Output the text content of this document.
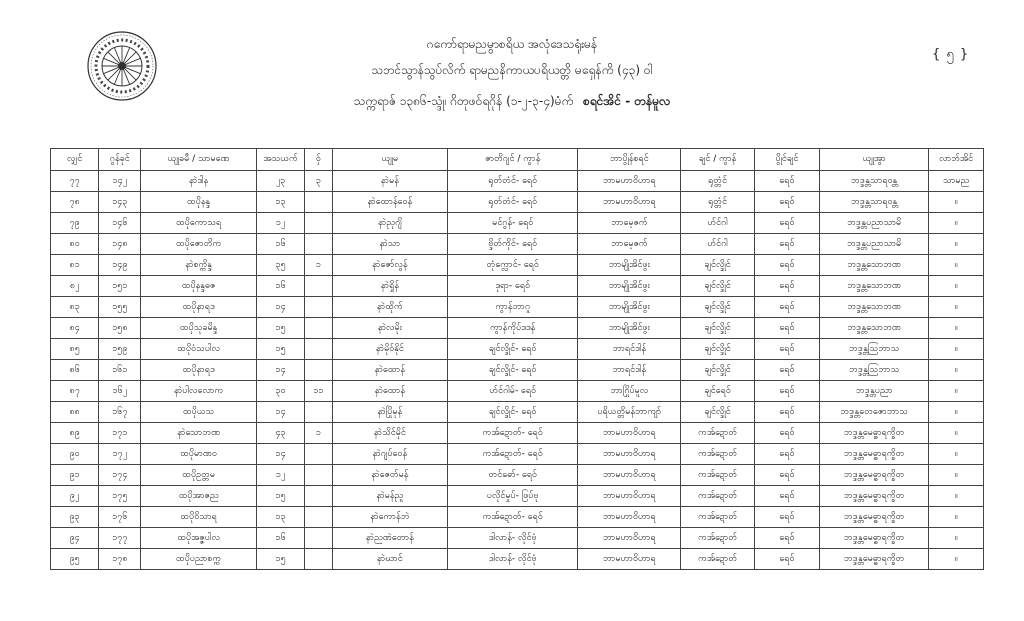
ဂကော်ရာမညမွာစရိယ အလုံဒေသရုံးမန်
သဘင်သွာန်သွပ်လိက် ရာမညနိကာယပရိယတ္တိ မရှေန်ကိ (၄၃) ဝါ
သက္ကရာဇ် ၁၃၈၆-သ္ဒုံ၊ ဂိတုဖဝ်ရဂိုန် (၁-၂-၃-၄)မံက် စရင်အိင် - တန်မူလ
{ ၅ }
လျှင်	ဂွန်ခုင်	ယျုခမီ / သာမဏေ	အသယက်	ဝှ်	ယျုမ	ဇာတိဂျင် / ကွာန်	ဘာပွိုန်စရင်	ချင် / ကွာန်	ပွိုင်ချင်	ယျုအွာ	လာဘ်အိင်
၇၇	၁၄၂	နာဲဒါန	၂၃	၃	နာဲမန်	ရုတ်တံင်- ရေဝ်	ဘာမဟာဝိဟာရ	ရုတ္တံင်	ရေဝ်	ဘဒ္ဒန္တသာရဝန္တ	သာမည
၇၈	၁၄၃	ထပိုနန္ဒ	၁၃		နာဲထောန်ဝေန်	ရုတ်တံင်- ရေဝ်	ဘာမဟာဝိဟာရ	ရုတ္တံင်	ရေဝ်	ဘဒ္ဒန္တသာရဝန္တ	။
၇၉	၁၄၆	ထပိုကောသရ	၁၂		နာဲညုဂျိ	မင်ဂွန်- ရေဝ်	ဘာမေ့ဇက်	ဟ်င်ဂါ	ရေဝ်	ဘဒ္ဒန္တပညာသာမိ	။
၈၀	၁၄၈	ထပိုဇောတိက	၁၆		နာဲသာ	ဗ္ဒိတ်ကိုင်- ရေဝ်	ဘာမေ့ဇက်	ဟ်င်ဂါ	ရေဝ်	ဘဒ္ဒန္တပညာသာမိ	။
၈၁	၁၄၉	နာဲစက္ကိန္ဒ	၃၅	၁	နာဲဇော်လွန်	တုံက္လောင်- ရေဝ်	ဘာမျိုအိင်ဖွး	ချင်လ္ဒိုင်	ရေဝ်	ဘဒ္ဒန္တသောဘဏ	။
၈၂	၁၅၁	ထပိုနန္ဒဓဇ	၁၆		နာဲရှိုန်	ဒုရာ- ရေဝ်	ဘာမျိုအိင်ဖွး	ချင်လ္ဒိုင်	ရေဝ်	ဘဒ္ဒန္တသောဘဏ	။
၈၃	၁၅၅	ထပိုနာရဒ	၁၄		နာဲထိုက်	ကွာန်ဘာဂူ	ဘာမျိုအိင်ဖွး	ချင်လ္ဒိုင်	ရေဝ်	ဘဒ္ဒန္တသောဘဏ	။
၈၄	၁၅၈	ထပိုသုခမိန္ဒ	၁၅		နာဲလမိုး	ကွာန်ကိုပ်ဒဒန်	ဘာမျိုအိင်ဖွး	ချင်လ္ဒိုင်	ရေဝ်	ဘဒ္ဒန္တသောဘဏ	။
၈၅	၁၅၉	ထပိုဝံသပါလ	၁၅		နာဲမိုဝ်နိုင်	ချင်လ္ဒိုင်- ရေဝ်	ဘာရင်ဒါန်	ချင်လ္ဒိုင်	ရေဝ်	ဘဒ္ဒန္တသြဘာသ	။
၈၆	၁၆၁	ထပိုနာရဒ	၁၄		နာဲထောန်	ချင်လ္ဒိုင်- ရေဝ်	ဘာရင်ဒါန်	ချင်လ္ဒိုင်	ရေဝ်	ဘဒ္ဒန္တသြဘာသ	။
၈၇	၁၆၂	နာဲပါလလောက	၃၀	၁၁	နာဲထောန်	ဟ်င်ဂါမ်- ရေဝ်	ဘာဂြိုပ်မူလ	ချင်ရေဝ်	ရေဝ်	ဘဒ္ဒန္တပညာ	။
၈၈	၁၆၇	ထပိုယသ	၁၄		နာဲပြိုမုန်	ချင်လ္ဒိုင်- ရေဝ်	ပရိယတ္တိမန်ဘာကျာ်	ချင်လ္ဒိုင်	ရေဝ်	ဘဒ္ဒန္တတေဇောဘာသ	။
၈၉	၁၇၁	နာဲသောဘဏ	၄၃	၁	နာဲသိင်မိုင်	ကအ်ဍောတ်- ရေဝ်	ဘာမဟာဝိဟာရ	ကအ်ဍောတ်	ရေဝ်	ဘဒ္ဒန္တမေဓ္ဓာရက္ခိတ	။
၉၀	၁၇၂	ထပိုမာဏဝ	၁၄		နာဲဂျပ်ဝေန်	ကအ်ဍောတ်- ရေဝ်	ဘာမဟာဝိဟာရ	ကအ်ဍောတ်	ရေဝ်	ဘဒ္ဒန္တမေဓ္ဓာရက္ခိတ	။
၉၁	၁၇၄	ထပိုဥတ္တမ	၁၂		နာဲဇေတ်မန်	တင်ဓော်- ရေဝ်	ဘာမဟာဝိဟာရ	ကအ်ဍောတ်	ရေဝ်	ဘဒ္ဒန္တမေဓ္ဓာရက္ခိတ	။
၉၂	၁၇၅	ထပိုအာဇည	၁၅		နာဲမန်ညူ	ပလိုင်မှုပ်- ဖြပ်ဗု	ဘာမဟာဝိဟာရ	ကအ်ဍောတ်	ရေဝ်	ဘဒ္ဒန္တမေဓ္ဓာရက္ခိတ	။
၉၃	၁၇၆	ထပိုဝိသာရ	၁၃		နာဲကောန်ဘဲ	ကအ်ဍောတ်- ရေဝ်	ဘာမဟာဝိဟာရ	ကအ်ဍောတ်	ရေဝ်	ဘဒ္ဒန္တမေဓ္ဓာရက္ခိတ	။
၉၄	၁၇၇	ထပိုအဇ္ဇပါလ	၁၆		နာဲညဏဲတောန်	ဒါလာန်- လိုင်ဗုံ	ဘာမဟာဝိဟာရ	ကအ်ဍောတ်	ရေဝ်	ဘဒ္ဒန္တမေဓ္ဓာရက္ခိတ	။
၉၅	၁၇၈	ထပိုပညာစက္က	၁၅		နာဲဃာင်	ဒါလာန်- လိုင်ဗုံ	ဘာမဟာဝိဟာရ	ကအ်ဍောတ်	ရေဝ်	ဘဒ္ဒန္တမေဓ္ဓာရက္ခိတ	။
